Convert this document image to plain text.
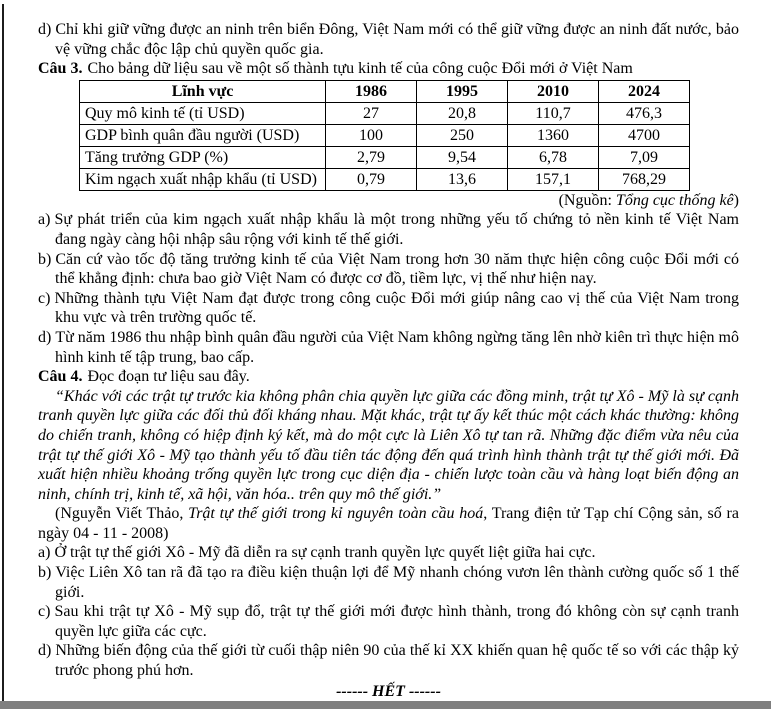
d) Chỉ khi giữ vững được an ninh trên biển Đông, Việt Nam mới có thể giữ vững được an ninh đất nước, bảo vệ vững chắc độc lập chủ quyền quốc gia.

Câu 3. Cho bảng dữ liệu sau về một số thành tựu kinh tế của công cuộc Đổi mới ở Việt Nam

Lĩnh vực	1986	1995	2010	2024
Quy mô kinh tế (tỉ USD)	27	20,8	110,7	476,3
GDP bình quân đầu người (USD)	100	250	1360	4700
Tăng trưởng GDP (%)	2,79	9,54	6,78	7,09
Kim ngạch xuất nhập khẩu (tỉ USD)	0,79	13,6	157,1	768,29

(Nguồn: Tổng cục thống kê)

a) Sự phát triển của kim ngạch xuất nhập khẩu là một trong những yếu tố chứng tỏ nền kinh tế Việt Nam đang ngày càng hội nhập sâu rộng với kinh tế thế giới.

b) Căn cứ vào tốc độ tăng trưởng kinh tế của Việt Nam trong hơn 30 năm thực hiện công cuộc Đổi mới có thể khẳng định: chưa bao giờ Việt Nam có được cơ đồ, tiềm lực, vị thế như hiện nay.

c) Những thành tựu Việt Nam đạt được trong công cuộc Đổi mới giúp nâng cao vị thế của Việt Nam trong khu vực và trên trường quốc tế.

d) Từ năm 1986 thu nhập bình quân đầu người của Việt Nam không ngừng tăng lên nhờ kiên trì thực hiện mô hình kinh tế tập trung, bao cấp.

Câu 4. Đọc đoạn tư liệu sau đây.

“Khác với các trật tự trước kia không phân chia quyền lực giữa các đồng minh, trật tự Xô - Mỹ là sự cạnh tranh quyền lực giữa các đối thủ đối kháng nhau. Mặt khác, trật tự ấy kết thúc một cách khác thường: không do chiến tranh, không có hiệp định ký kết, mà do một cực là Liên Xô tự tan rã. Những đặc điểm vừa nêu của trật tự thế giới Xô - Mỹ tạo thành yếu tố đầu tiên tác động đến quá trình hình thành trật tự thế giới mới. Đã xuất hiện nhiều khoảng trống quyền lực trong cục diện địa - chiến lược toàn cầu và hàng loạt biến động an ninh, chính trị, kinh tế, xã hội, văn hóa.. trên quy mô thế giới.”

(Nguyễn Viết Thảo, Trật tự thế giới trong kỉ nguyên toàn cầu hoá, Trang điện tử Tạp chí Cộng sản, số ra ngày 04 - 11 - 2008)

a) Ở trật tự thế giới Xô - Mỹ đã diễn ra sự cạnh tranh quyền lực quyết liệt giữa hai cực.

b) Việc Liên Xô tan rã đã tạo ra điều kiện thuận lợi để Mỹ nhanh chóng vươn lên thành cường quốc số 1 thế giới.

c) Sau khi trật tự Xô - Mỹ sụp đổ, trật tự thế giới mới được hình thành, trong đó không còn sự cạnh tranh quyền lực giữa các cực.

d) Những biến động của thế giới từ cuối thập niên 90 của thế kỉ XX khiến quan hệ quốc tế so với các thập kỷ trước phong phú hơn.

------ HẾT ------
